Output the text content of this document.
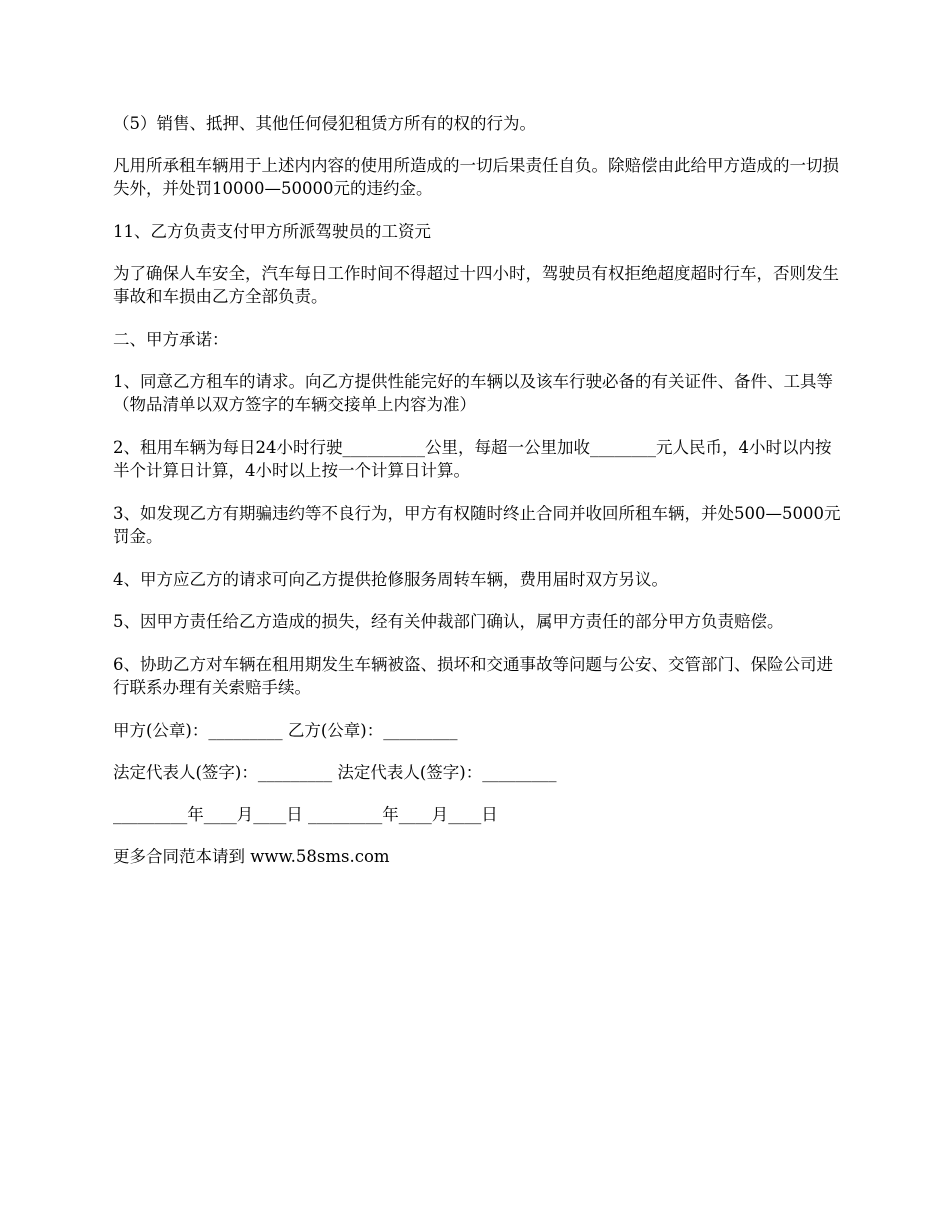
（5）销售、抵押、其他任何侵犯租赁方所有的权的行为。

凡用所承租车辆用于上述内内容的使用所造成的一切后果责任自负。除赔偿由此给甲方造成的一切损失外，并处罚10000—50000元的违约金。

11、乙方负责支付甲方所派驾驶员的工资元

为了确保人车安全，汽车每日工作时间不得超过十四小时，驾驶员有权拒绝超度超时行车，否则发生事故和车损由乙方全部负责。

二、甲方承诺：

1、同意乙方租车的请求。向乙方提供性能完好的车辆以及该车行驶必备的有关证件、备件、工具等（物品清单以双方签字的车辆交接单上内容为准）

2、租用车辆为每日24小时行驶__________公里，每超一公里加收________元人民币，4小时以内按半个计算日计算，4小时以上按一个计算日计算。

3、如发现乙方有期骗违约等不良行为，甲方有权随时终止合同并收回所租车辆，并处500—5000元罚金。

4、甲方应乙方的请求可向乙方提供抢修服务周转车辆，费用届时双方另议。

5、因甲方责任给乙方造成的损失，经有关仲裁部门确认，属甲方责任的部分甲方负责赔偿。

6、协助乙方对车辆在租用期发生车辆被盗、损坏和交通事故等问题与公安、交管部门、保险公司进行联系办理有关索赔手续。

甲方(公章)：_________ 乙方(公章)：_________

法定代表人(签字)：_________ 法定代表人(签字)：_________

_________年____月____日 _________年____月____日

更多合同范本请到 www.58sms.com
